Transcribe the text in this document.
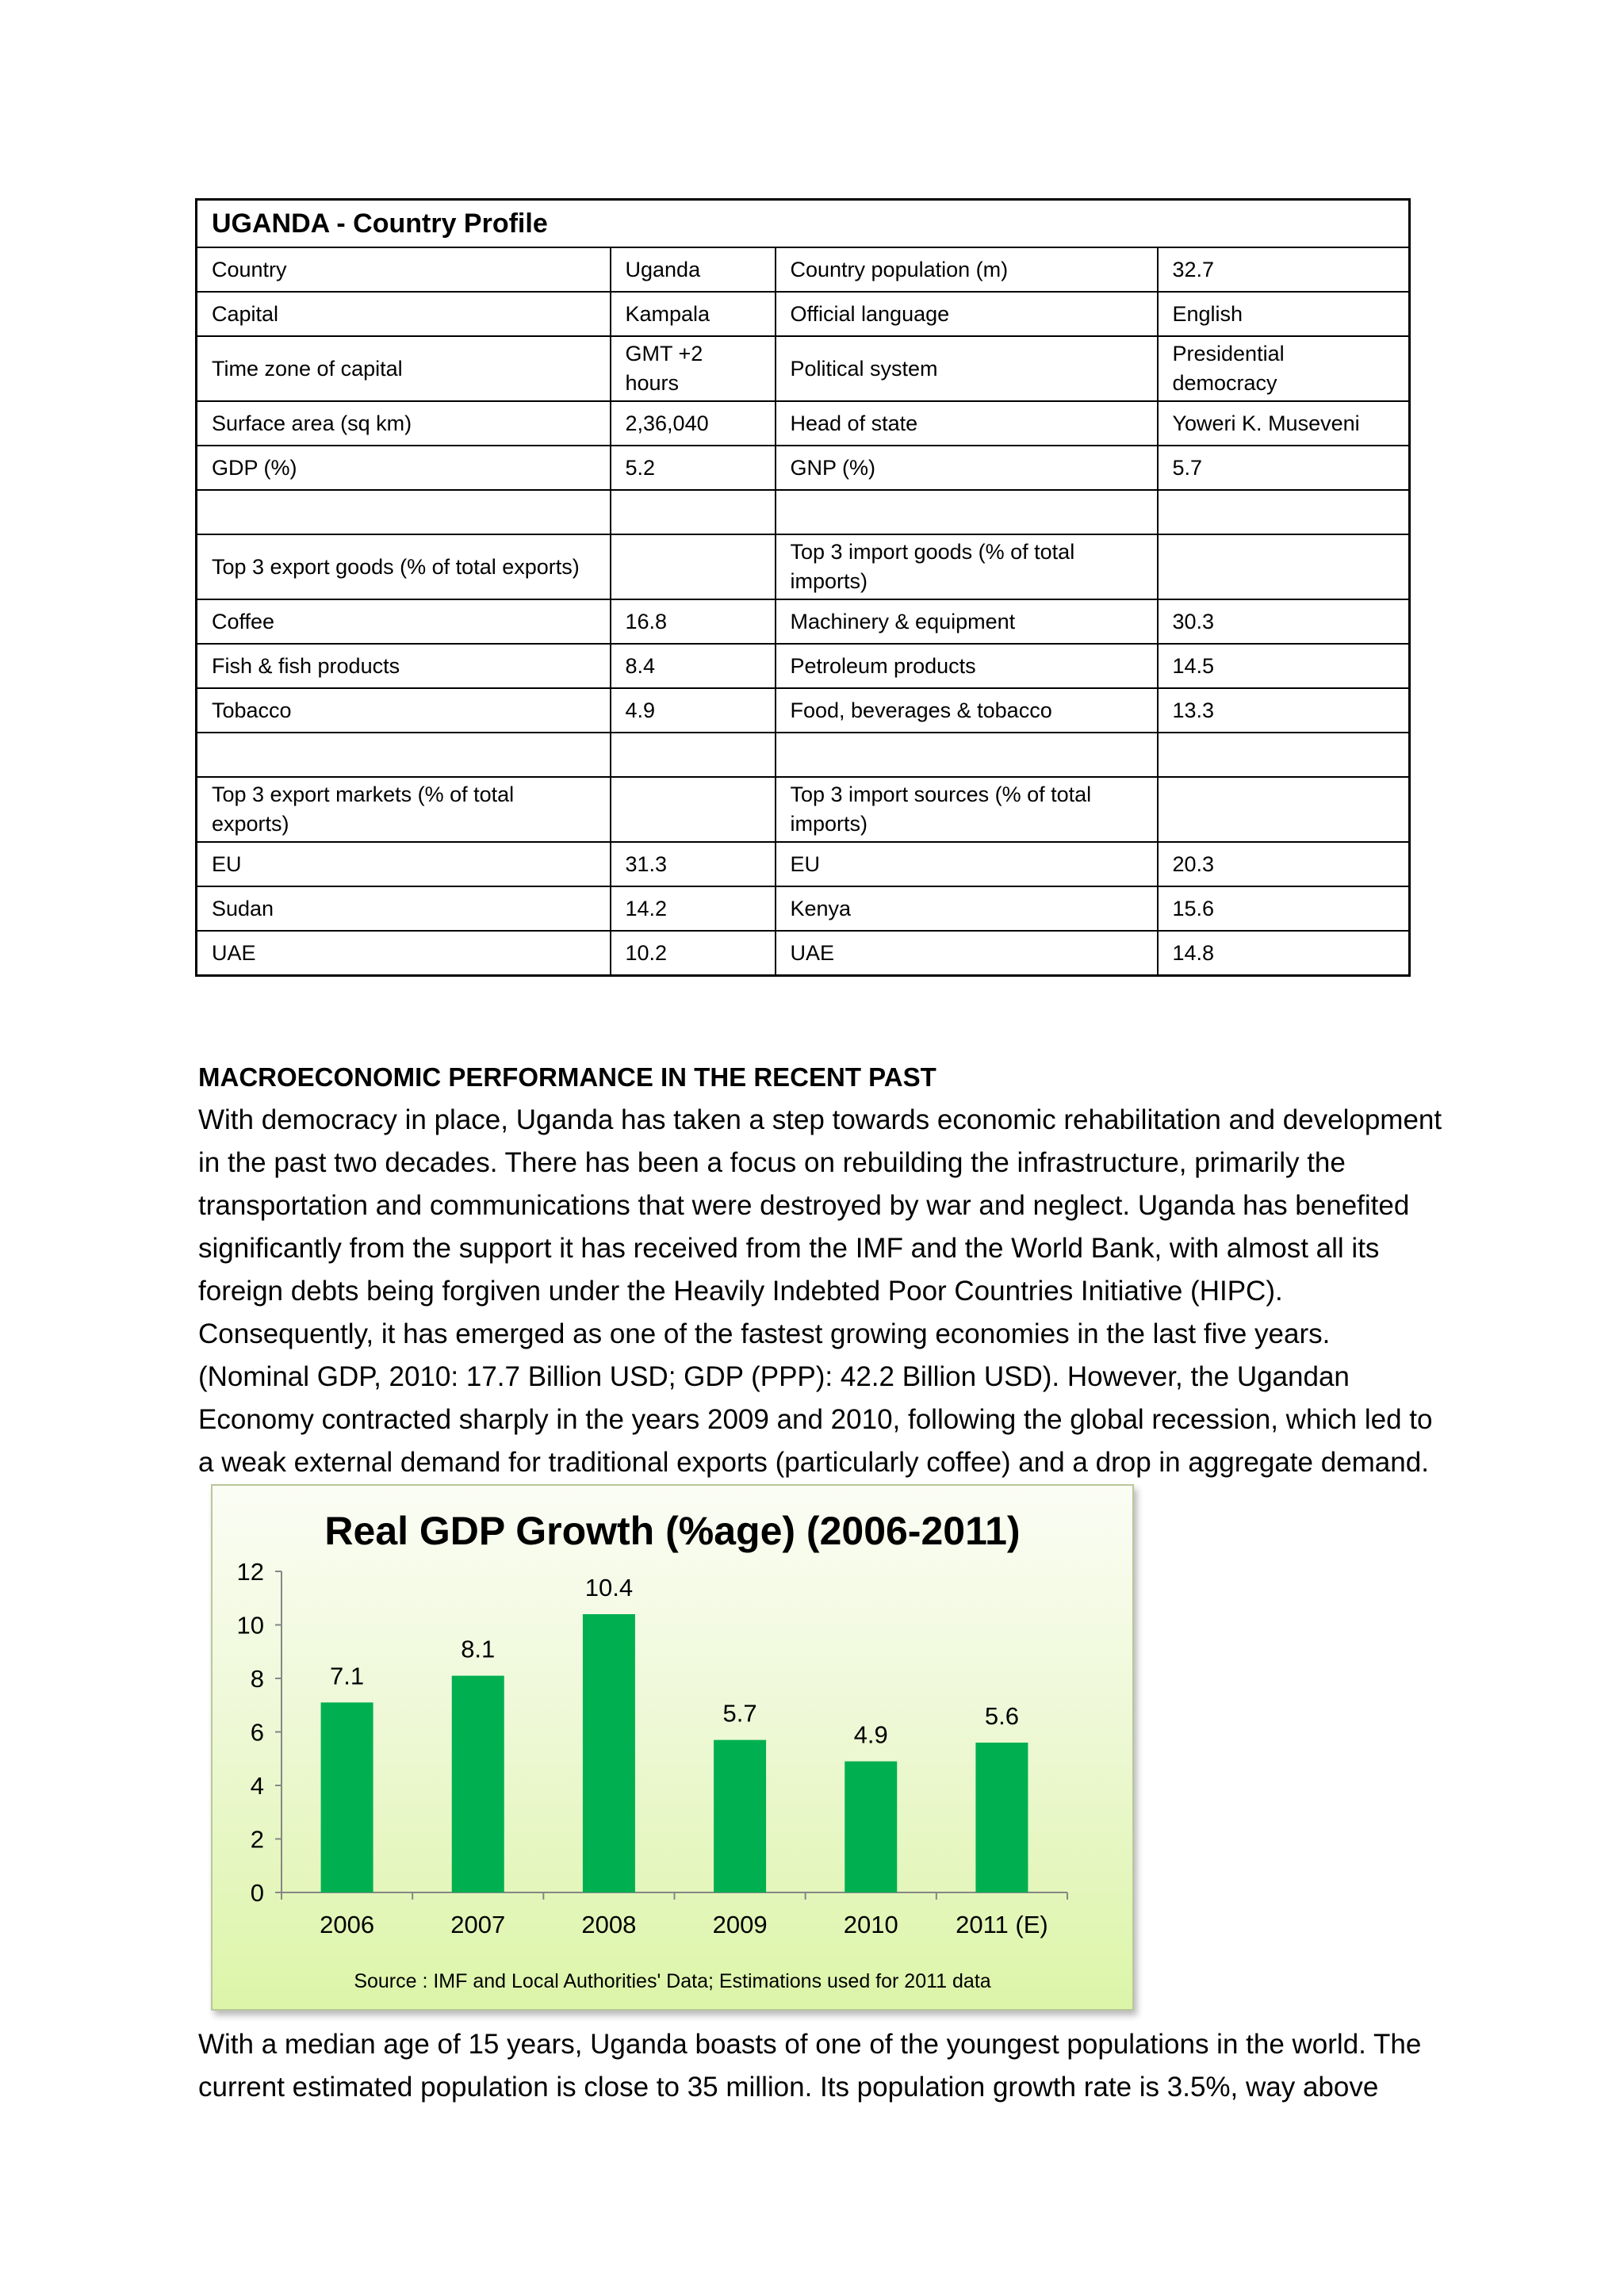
UGANDA - Country Profile			
Country	Uganda	Country population (m)	32.7
Capital	Kampala	Official language	English
Time zone of capital	GMT +2 hours	Political system	Presidential democracy
Surface area (sq km)	2,36,040	Head of state	Yoweri K. Museveni
GDP (%)	5.2	GNP (%)	5.7

Top 3 export goods (% of total exports)		Top 3 import goods (% of total imports)	
Coffee	16.8	Machinery & equipment	30.3
Fish & fish products	8.4	Petroleum products	14.5
Tobacco	4.9	Food, beverages & tobacco	13.3

Top 3 export markets (% of total exports)		Top 3 import sources (% of total imports)	
EU	31.3	EU	20.3
Sudan	14.2	Kenya	15.6
UAE	10.2	UAE	14.8
MACROECONOMIC PERFORMANCE IN THE RECENT PAST

With democracy in place, Uganda has taken a step towards economic rehabilitation and development in the past two decades. There has been a focus on rebuilding the infrastructure, primarily the transportation and communications that were destroyed by war and neglect. Uganda has benefited significantly from the support it has received from the IMF and the World Bank, with almost all its foreign debts being forgiven under the Heavily Indebted Poor Countries Initiative (HIPC). Consequently, it has emerged as one of the fastest growing economies in the last five years. (Nominal GDP, 2010: 17.7 Billion USD; GDP (PPP): 42.2 Billion USD). However, the Ugandan Economy contracted sharply in the years 2009 and 2010, following the global recession, which led to a weak external demand for traditional exports (particularly coffee) and a drop in aggregate demand.

Real GDP Growth (%age) (2006-2011)
0
2
4
6
8
10
12
7.1
2006
8.1
2007
10.4
2008
5.7
2009
4.9
2010
5.6
2011 (E)
Source : IMF and Local Authorities' Data; Estimations used for 2011 data

With a median age of 15 years, Uganda boasts of one of the youngest populations in the world. The current estimated population is close to 35 million. Its population growth rate is 3.5%, way above
